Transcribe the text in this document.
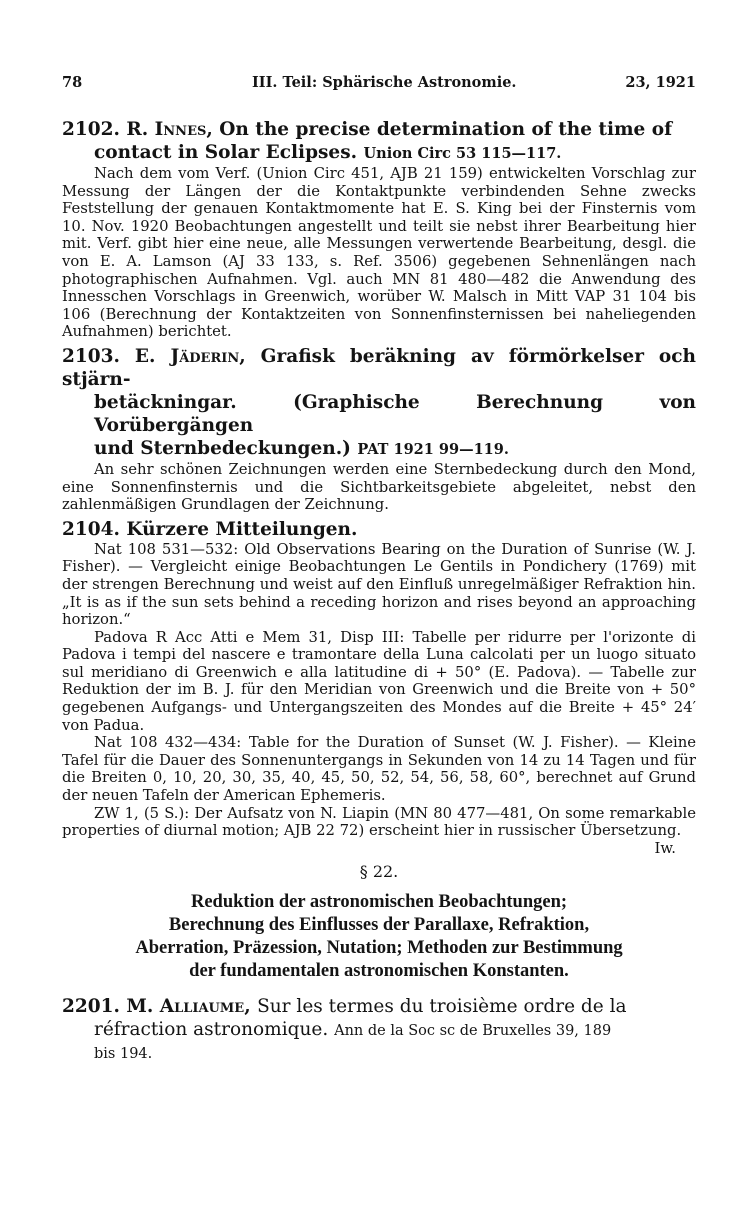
78	III. Teil: Sphärische Astronomie.	23, 1921
2102. R. Innes, On the precise determination of the time of
contact in Solar Eclipses. Union Circ 53 115—117.

Nach dem vom Verf. (Union Circ 451, AJB 21 159) entwickelten Vorschlag zur Messung der Längen der die Kontaktpunkte verbindenden Sehne zwecks Feststellung der genauen Kontaktmomente hat E. S. King bei der Finsternis vom 10. Nov. 1920 Beobachtungen angestellt und teilt sie nebst ihrer Bearbeitung hier mit. Verf. gibt hier eine neue, alle Messungen verwertende Bearbeitung, desgl. die von E. A. Lamson (AJ 33 133, s. Ref. 3506) gegebenen Sehnenlängen nach photographischen Aufnahmen. Vgl. auch MN 81 480—482 die Anwendung des Innesschen Vorschlags in Greenwich, worüber W. Malsch in Mitt VAP 31 104 bis 106 (Berechnung der Kontaktzeiten von Sonnenfinsternissen bei naheliegenden Aufnahmen) berichtet.

2103. E. Jäderin, Grafisk beräkning av förmörkelser och stjärn-
betäckningar. (Graphische Berechnung von Vorübergängen
und Sternbedeckungen.) PAT 1921 99—119.

An sehr schönen Zeichnungen werden eine Sternbedeckung durch den Mond, eine Sonnenfinsternis und die Sichtbarkeitsgebiete abgeleitet, nebst den zahlenmäßigen Grundlagen der Zeichnung.

2104. Kürzere Mitteilungen.

Nat 108 531—532: Old Observations Bearing on the Duration of Sunrise (W. J. Fisher). — Vergleicht einige Beobachtungen Le Gentils in Pondichery (1769) mit der strengen Berechnung und weist auf den Einfluß unregelmäßiger Refraktion hin. „It is as if the sun sets behind a receding horizon and rises beyond an approaching horizon.“

Padova R Acc Atti e Mem 31, Disp III: Tabelle per ridurre per l'orizonte di Padova i tempi del nascere e tramontare della Luna calcolati per un luogo situato sul meridiano di Greenwich e alla latitudine di + 50° (E. Padova). — Tabelle zur Reduktion der im B. J. für den Meridian von Greenwich und die Breite von + 50° gegebenen Aufgangs- und Untergangszeiten des Mondes auf die Breite + 45° 24′ von Padua.

Nat 108 432—434: Table for the Duration of Sunset (W. J. Fisher). — Kleine Tafel für die Dauer des Sonnenuntergangs in Sekunden von 14 zu 14 Tagen und für die Breiten 0, 10, 20, 30, 35, 40, 45, 50, 52, 54, 56, 58, 60°, berechnet auf Grund der neuen Tafeln der American Ephemeris.

ZW 1, (5 S.): Der Aufsatz von N. Liapin (MN 80 477—481, On some remarkable properties of diurnal motion; AJB 22 72) erscheint hier in russischer Übersetzung.
Iw.

§ 22.
Reduktion der astronomischen Beobachtungen;
Berechnung des Einflusses der Parallaxe, Refraktion,
Aberration, Präzession, Nutation; Methoden zur Bestimmung
der fundamentalen astronomischen Konstanten.
2201. M. Alliaume, Sur les termes du troisième ordre de la
réfraction astronomique. Ann de la Soc sc de Bruxelles 39, 189
bis 194.
